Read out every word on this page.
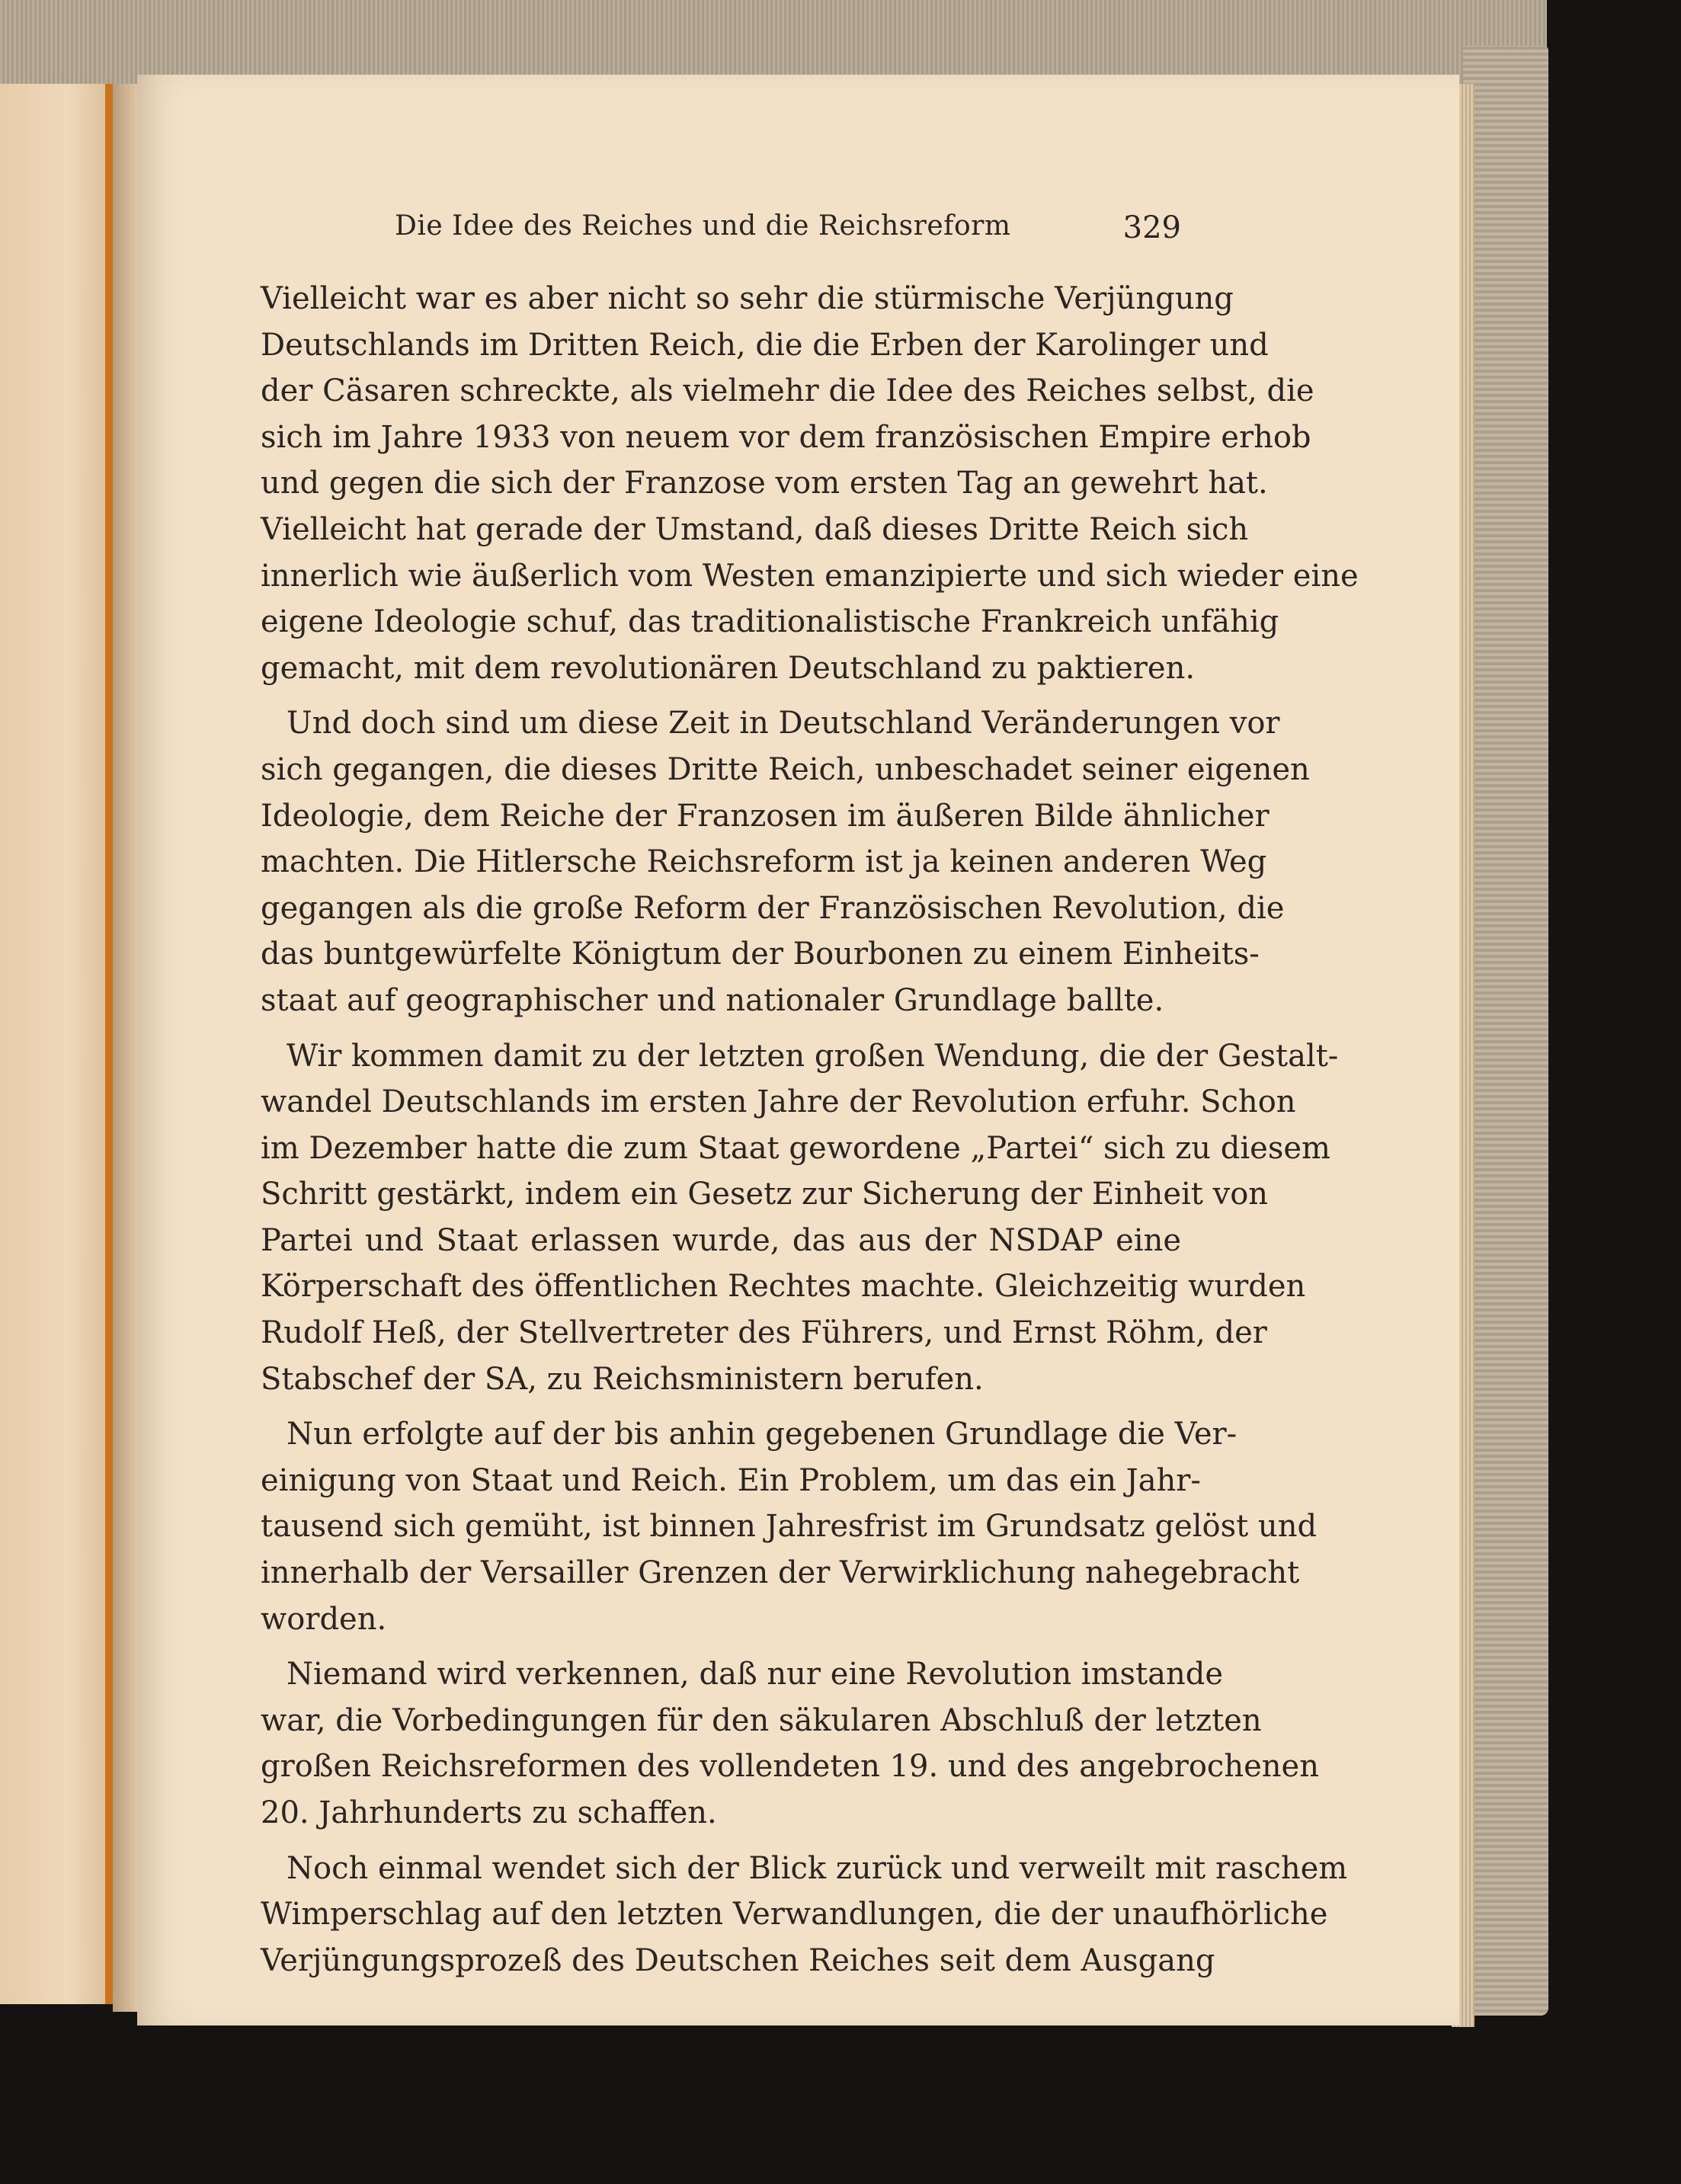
Die Idee des Reiches und die Reichsreform	329
Vielleicht war es aber nicht so sehr die stürmische Verjüngung
Deutschlands im Dritten Reich, die die Erben der Karolinger und
der Cäsaren schreckte, als vielmehr die Idee des Reiches selbst, die
sich im Jahre 1933 von neuem vor dem französischen Empire erhob
und gegen die sich der Franzose vom ersten Tag an gewehrt hat.
Vielleicht hat gerade der Umstand, daß dieses Dritte Reich sich
innerlich wie äußerlich vom Westen emanzipierte und sich wieder eine
eigene Ideologie schuf, das traditionalistische Frankreich unfähig
gemacht, mit dem revolutionären Deutschland zu paktieren.
Und doch sind um diese Zeit in Deutschland Veränderungen vor
sich gegangen, die dieses Dritte Reich, unbeschadet seiner eigenen
Ideologie, dem Reiche der Franzosen im äußeren Bilde ähnlicher
machten. Die Hitlersche Reichsreform ist ja keinen anderen Weg
gegangen als die große Reform der Französischen Revolution, die
das buntgewürfelte Königtum der Bourbonen zu einem Einheits-
staat auf geographischer und nationaler Grundlage ballte.
Wir kommen damit zu der letzten großen Wendung, die der Gestalt-
wandel Deutschlands im ersten Jahre der Revolution erfuhr. Schon
im Dezember hatte die zum Staat gewordene „Partei“ sich zu diesem
Schritt gestärkt, indem ein Gesetz zur Sicherung der Einheit von
Partei und Staat erlassen wurde, das aus der NSDAP eine
Körperschaft des öffentlichen Rechtes machte. Gleichzeitig wurden
Rudolf Heß, der Stellvertreter des Führers, und Ernst Röhm, der
Stabschef der SA, zu Reichsministern berufen.
Nun erfolgte auf der bis anhin gegebenen Grundlage die Ver-
einigung von Staat und Reich. Ein Problem, um das ein Jahr-
tausend sich gemüht, ist binnen Jahresfrist im Grundsatz gelöst und
innerhalb der Versailler Grenzen der Verwirklichung nahegebracht
worden.
Niemand wird verkennen, daß nur eine Revolution imstande
war, die Vorbedingungen für den säkularen Abschluß der letzten
großen Reichsreformen des vollendeten 19. und des angebrochenen
20. Jahrhunderts zu schaffen.
Noch einmal wendet sich der Blick zurück und verweilt mit raschem
Wimperschlag auf den letzten Verwandlungen, die der unaufhörliche
Verjüngungsprozeß des Deutschen Reiches seit dem Ausgang
